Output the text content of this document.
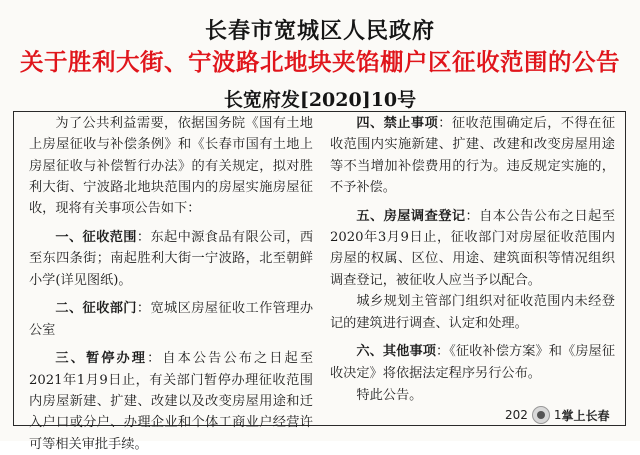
长春市宽城区人民政府
关于胜利大街、宁波路北地块夹馅棚户区征收范围的公告
长宽府发[2020]10号

为了公共利益需要，依据国务院《国有土地上房屋征收与补偿条例》和《长春市国有土地上房屋征收与补偿暂行办法》的有关规定，拟对胜利大街、宁波路北地块范围内的房屋实施房屋征收，现将有关事项公告如下：

一、征收范围：东起中源食品有限公司，西至东四条街；南起胜利大街一宁波路，北至朝鲜小学(详见图纸)。

二、征收部门：宽城区房屋征收工作管理办公室

三、暂停办理：自本公告公布之日起至2021年1月9日止，有关部门暂停办理征收范围内房屋新建、扩建、改建以及改变房屋用途和迁入户口或分户、办理企业和个体工商业户经营许可等相关审批手续。

四、禁止事项：征收范围确定后，不得在征收范围内实施新建、扩建、改建和改变房屋用途等不当增加补偿费用的行为。违反规定实施的，不予补偿。

五、房屋调查登记：自本公告公布之日起至2020年3月9日止，征收部门对房屋征收范围内房屋的权属、区位、用途、建筑面积等情况组织调查登记，被征收人应当予以配合。

城乡规划主管部门组织对征收范围内未经登记的建筑进行调查、认定和处理。

六、其他事项：《征收补偿方案》和《房屋征收决定》将依据法定程序另行公布。

特此公告。

202 1 掌上长春
